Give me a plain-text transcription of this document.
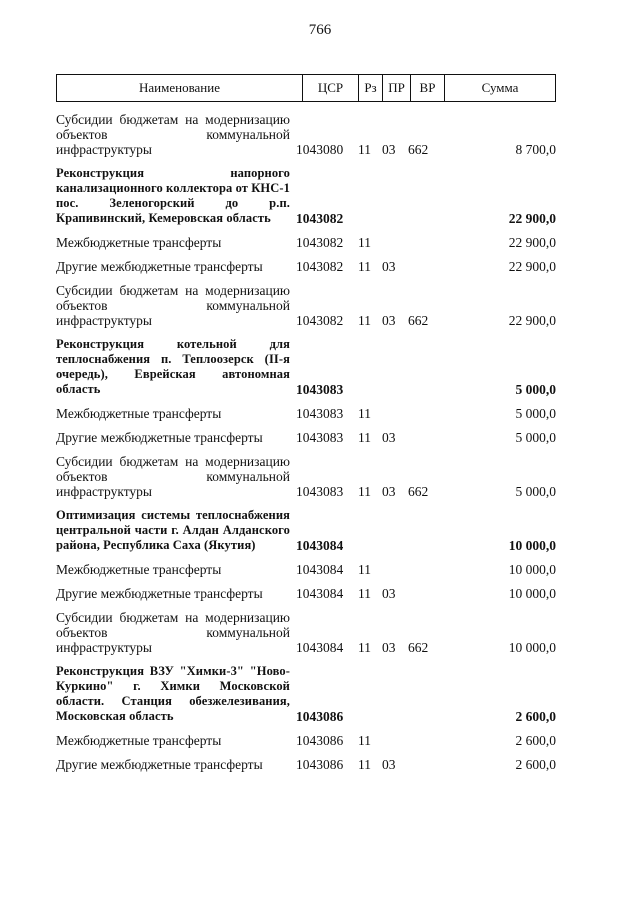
766
Наименование	ЦСР	Рз ПР	ВР	Сумма
Субсидии бюджетам на модернизацию объектов коммунальной инфраструктуры	1043080	11 03 662	8 700,0
Реконструкция напорного канализационного коллектора от КНС-1 пос. Зеленогорский до р.п. Крапивинский, Кемеровская область	1043082	22 900,0
Межбюджетные трансферты	1043082	11	22 900,0
Другие межбюджетные трансферты	1043082	11 03	22 900,0
Субсидии бюджетам на модернизацию объектов коммунальной инфраструктуры	1043082	11 03 662	22 900,0
Реконструкция котельной для теплоснабжения п. Теплоозерск (II-я очередь), Еврейская автономная область	1043083	5 000,0
Межбюджетные трансферты	1043083	11	5 000,0
Другие межбюджетные трансферты	1043083	11 03	5 000,0
Субсидии бюджетам на модернизацию объектов коммунальной инфраструктуры	1043083	11 03 662	5 000,0
Оптимизация системы теплоснабжения центральной части г. Алдан Алданского района, Республика Саха (Якутия)	1043084	10 000,0
Межбюджетные трансферты	1043084	11	10 000,0
Другие межбюджетные трансферты	1043084	11 03	10 000,0
Субсидии бюджетам на модернизацию объектов коммунальной инфраструктуры	1043084	11 03 662	10 000,0
Реконструкция ВЗУ "Химки-3" "Ново-Куркино" г. Химки Московской области. Станция обезжелезивания, Московская область	1043086	2 600,0
Межбюджетные трансферты	1043086	11	2 600,0
Другие межбюджетные трансферты	1043086	11 03	2 600,0
